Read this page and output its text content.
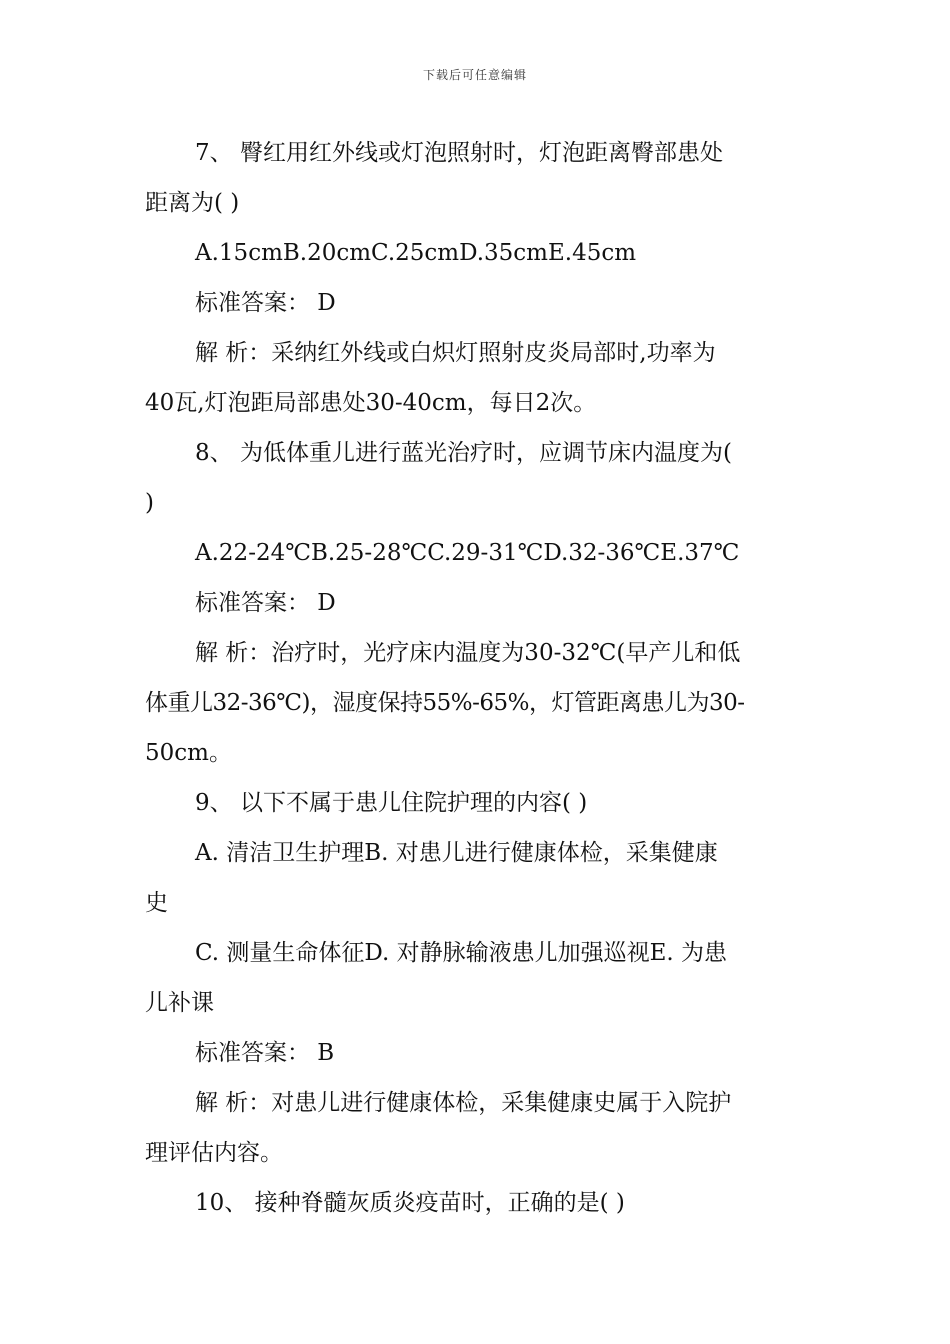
下载后可任意编辑
7、 臀红用红外线或灯泡照射时，灯泡距离臀部患处
距离为( )
A.15cmB.20cmC.25cmD.35cmE.45cm
标准答案： D
解 析：采纳红外线或白炽灯照射皮炎局部时,功率为
40瓦,灯泡距局部患处30-40cm，每日2次。
8、 为低体重儿进行蓝光治疗时，应调节床内温度为(
)
A.22-24℃B.25-28℃C.29-31℃D.32-36℃E.37℃
标准答案： D
解 析：治疗时，光疗床内温度为30-32℃(早产儿和低
体重儿32-36℃)，湿度保持55%-65%，灯管距离患儿为30-
50cm。
9、 以下不属于患儿住院护理的内容( )
A. 清洁卫生护理B. 对患儿进行健康体检，采集健康
史
C. 测量生命体征D. 对静脉输液患儿加强巡视E. 为患
儿补课
标准答案： B
解 析：对患儿进行健康体检，采集健康史属于入院护
理评估内容。
10、 接种脊髓灰质炎疫苗时，正确的是( )
